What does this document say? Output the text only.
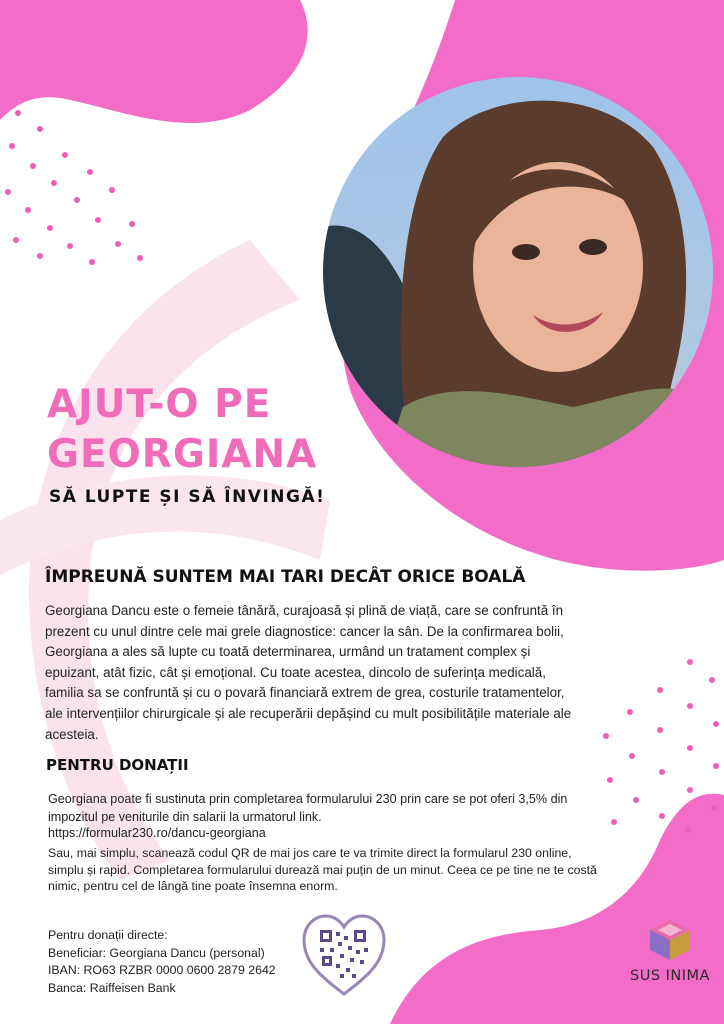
AJUT-O PE GEORGIANA
SĂ LUPTE ȘI SĂ ÎNVINGĂ!
ÎMPREUNĂ SUNTEM MAI TARI DECÂT ORICE BOALĂ
Georgiana Dancu este o femeie tânără, curajoasă și plină de viață, care se confruntă în prezent cu unul dintre cele mai grele diagnostice: cancer la sân. De la confirmarea bolii, Georgiana a ales să lupte cu toată determinarea, urmând un tratament complex și epuizant, atât fizic, cât și emoțional. Cu toate acestea, dincolo de suferința medicală, familia sa se confruntă și cu o povară financiară extrem de grea, costurile tratamentelor, ale intervențiilor chirurgicale și ale recuperării depășind cu mult posibilitățile materiale ale acesteia.
PENTRU DONAȚII
Georgiana poate fi sustinuta prin completarea formularului 230 prin care se pot oferi 3,5% din impozitul pe veniturile din salarii la urmatorul link.
https://formular230.ro/dancu-georgiana
Sau, mai simplu, scanează codul QR de mai jos care te va trimite direct la formularul 230 online, simplu și rapid. Completarea formularului durează mai puțin de un minut. Ceea ce pe tine ne te costă nimic, pentru cel de lângă tine poate însemna enorm.
Pentru donații directe:
Beneficiar: Georgiana Dancu (personal)
IBAN: RO63 RZBR 0000 0600 2879 2642
Banca: Raiffeisen Bank
SUS INIMA
